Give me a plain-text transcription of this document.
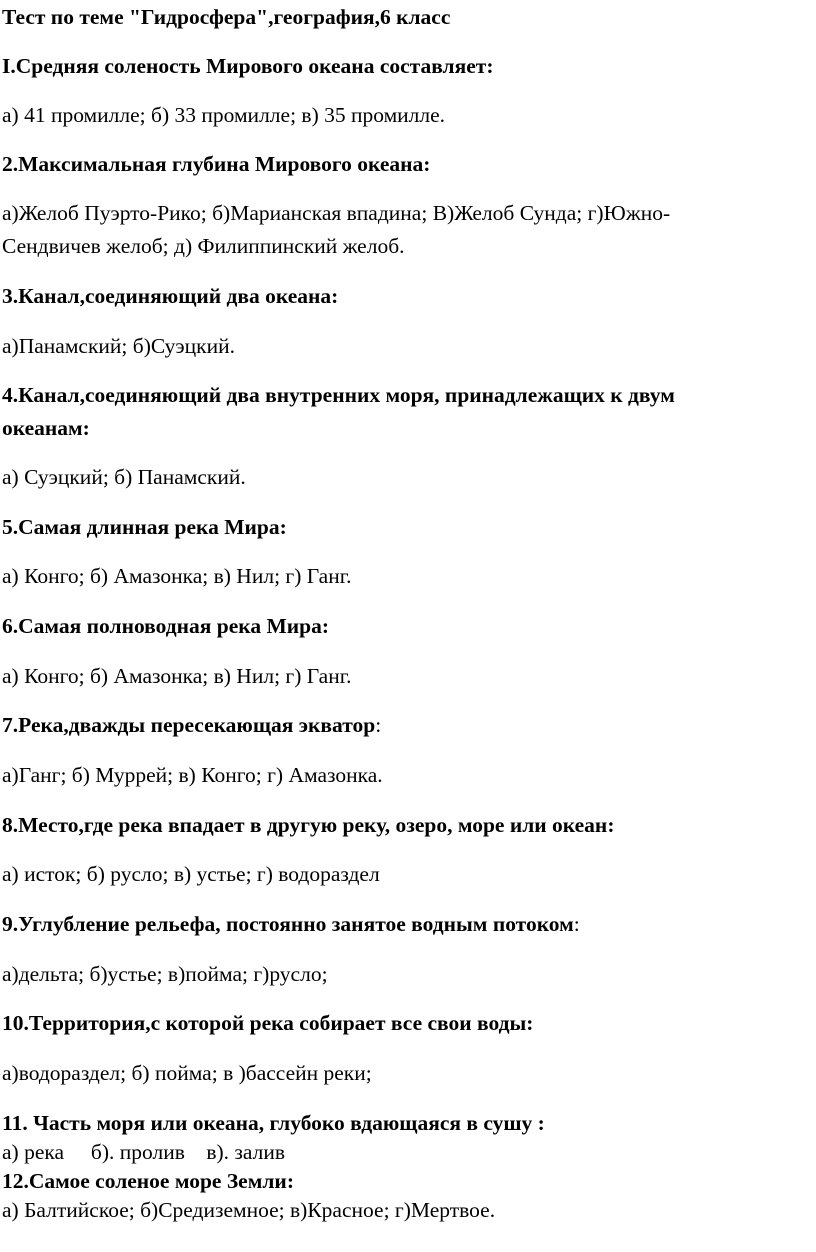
Тест по теме "Гидросфера",география,6 класс
I.Средняя соленость Мирового океана составляет:
а) 41 промилле; б) 33 промилле; в) 35 промилле.
2.Максимальная глубина Мирового океана:
а)Желоб Пуэрто-Рико; б)Марианская впадина; В)Желоб Сунда; г)Южно-
Сендвичев желоб; д) Филиппинский желоб.
3.Канал,соединяющий два океана:
а)Панамский; б)Суэцкий.
4.Канал,соединяющий два внутренних моря, принадлежащих к двум
океанам:
а) Суэцкий; б) Панамский.
5.Самая длинная река Мира:
а) Конго; б) Амазонка; в) Нил; г) Ганг.
6.Самая полноводная река Мира:
а) Конго; б) Амазонка; в) Нил; г) Ганг.
7.Река,дважды пересекающая экватор:
а)Ганг; б) Муррей; в) Конго; г) Амазонка.
8.Место,где река впадает в другую реку, озеро, море или океан:
а) исток; б) русло; в) устье; г) водораздел
9.Углубление рельефа, постоянно занятое водным потоком:
а)дельта; б)устье; в)пойма; г)русло;
10.Территория,с которой река собирает все свои воды:
а)водораздел; б) пойма; в )бассейн реки;
11. Часть моря или океана, глубоко вдающаяся в сушу :
а) река     б). пролив    в). залив
12.Самое соленое море Земли:
а) Балтийское; б)Средиземное; в)Красное; г)Мертвое.
